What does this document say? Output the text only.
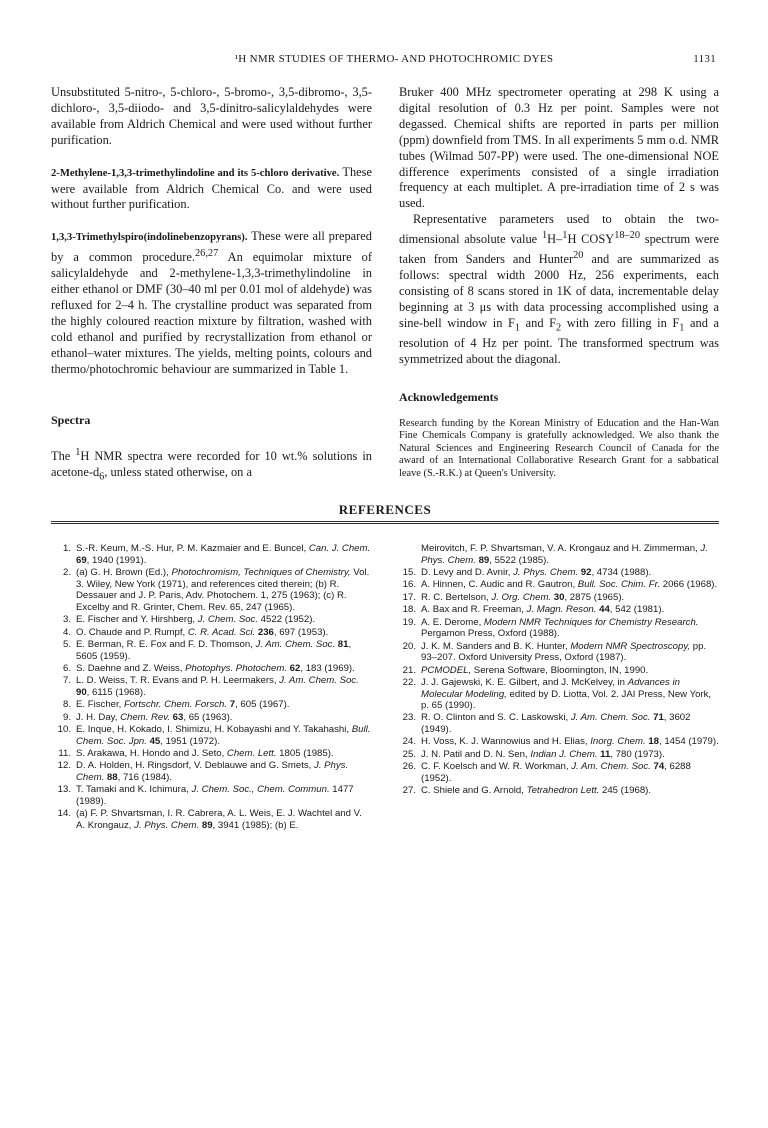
¹H NMR STUDIES OF THERMO- AND PHOTOCHROMIC DYES	1131

Unsubstituted 5-nitro-, 5-chloro-, 5-bromo-, 3,5-dibromo-, 3,5-dichloro-, 3,5-diiodo- and 3,5-dinitro-salicylaldehydes were available from Aldrich Chemical and were used without further purification.

2-Methylene-1,3,3-trimethylindoline and its 5-chloro derivative. These were available from Aldrich Chemical Co. and were used without further purification.

1,3,3-Trimethylspiro(indolinebenzopyrans). These were all prepared by a common procedure.$^{26,27}$ An equimolar mixture of salicylaldehyde and 2-methylene-1,3,3-trimethylindoline in either ethanol or DMF (30–40 ml per 0.01 mol of aldehyde) was refluxed for 2–4 h. The crystalline product was separated from the highly coloured reaction mixture by filtration, washed with cold ethanol and purified by recrystallization from ethanol or ethanol–water mixtures. The yields, melting points, colours and thermo/photochromic behaviour are summarized in Table 1.

Spectra

The $^1$H NMR spectra were recorded for 10 wt.% solutions in acetone-$d_6$, unless stated otherwise, on a

Bruker 400 MHz spectrometer operating at 298 K using a digital resolution of 0.3 Hz per point. Samples were not degassed. Chemical shifts are reported in parts per million (ppm) downfield from TMS. In all experiments 5 mm o.d. NMR tubes (Wilmad 507-PP) were used. The one-dimensional NOE difference experiments consisted of a single irradiation frequency at each multiplet. A pre-irradiation time of 2 s was used.

Representative parameters used to obtain the two-dimensional absolute value $^1$H–$^1$H COSY$^{18-20}$ spectrum were taken from Sanders and Hunter$^{20}$ and are summarized as follows: spectral width 2000 Hz, 256 experiments, each consisting of 8 scans stored in 1K of data, incrementable delay beginning at 3 μs with data processing accomplished using a sine-bell window in $F_1$ and $F_2$ with zero filling in $F_1$ and a resolution of 4 Hz per point. The transformed spectrum was symmetrized about the diagonal.

Acknowledgements

Research funding by the Korean Ministry of Education and the Han-Wan Fine Chemicals Company is gratefully acknowledged. We also thank the Natural Sciences and Engineering Research Council of Canada for the award of an International Collaborative Research Grant for a sabbatical leave (S.-R.K.) at Queen's University.

REFERENCES
1. S.-R. Keum, M.-S. Hur, P. M. Kazmaier and E. Buncel, Can. J. Chem. 69, 1940 (1991).
2. (a) G. H. Brown (Ed.), Photochromism, Techniques of Chemistry, Vol. 3. Wiley, New York (1971), and references cited therein; (b) R. Dessauer and J. P. Paris, Adv. Photochem. 1, 275 (1963); (c) R. Excelby and R. Grinter, Chem. Rev. 65, 247 (1965).
3. E. Fischer and Y. Hirshberg, J. Chem. Soc. 4522 (1952).
4. O. Chaude and P. Rumpf, C. R. Acad. Sci. 236, 697 (1953).
5. E. Berman, R. E. Fox and F. D. Thomson, J. Am. Chem. Soc. 81, 5605 (1959).
6. S. Daehne and Z. Weiss, Photophys. Photochem. 62, 183 (1969).
7. L. D. Weiss, T. R. Evans and P. H. Leermakers, J. Am. Chem. Soc. 90, 6115 (1968).
8. E. Fischer, Fortschr. Chem. Forsch. 7, 605 (1967).
9. J. H. Day, Chem. Rev. 63, 65 (1963).
10. E. Inque, H. Kokado, I. Shimizu, H. Kobayashi and Y. Takahashi, Bull. Chem. Soc. Jpn. 45, 1951 (1972).
11. S. Arakawa, H. Hondo and J. Seto, Chem. Lett. 1805 (1985).
12. D. A. Holden, H. Ringsdorf, V. Deblauwe and G. Smets, J. Phys. Chem. 88, 716 (1984).
13. T. Tamaki and K. Ichimura, J. Chem. Soc., Chem. Commun. 1477 (1989).
14. (a) F. P. Shvartsman, I. R. Cabrera, A. L. Weis, E. J. Wachtel and V. A. Krongauz, J. Phys. Chem. 89, 3941 (1985); (b) E.
Meirovitch, F. P. Shvartsman, V. A. Krongauz and H. Zimmerman, J. Phys. Chem. 89, 5522 (1985).
15. D. Levy and D. Avnir, J. Phys. Chem. 92, 4734 (1988).
16. A. Hinnen, C. Audic and R. Gautron, Bull. Soc. Chim. Fr. 2066 (1968).
17. R. C. Bertelson, J. Org. Chem. 30, 2875 (1965).
18. A. Bax and R. Freeman, J. Magn. Reson. 44, 542 (1981).
19. A. E. Derome, Modern NMR Techniques for Chemistry Research. Pergamon Press, Oxford (1988).
20. J. K. M. Sanders and B. K. Hunter, Modern NMR Spectroscopy, pp. 93–207. Oxford University Press, Oxford (1987).
21. PCMODEL, Serena Software, Bloomington, IN, 1990.
22. J. J. Gajewski, K. E. Gilbert, and J. McKelvey, in Advances in Molecular Modeling, edited by D. Liotta, Vol. 2. JAI Press, New York, p. 65 (1990).
23. R. O. Clinton and S. C. Laskowski, J. Am. Chem. Soc. 71, 3602 (1949).
24. H. Voss, K. J. Wannowius and H. Elias, Inorg. Chem. 18, 1454 (1979).
25. J. N. Patil and D. N. Sen, Indian J. Chem. 11, 780 (1973).
26. C. F. Koelsch and W. R. Workman, J. Am. Chem. Soc. 74, 6288 (1952).
27. C. Shiele and G. Arnold, Tetrahedron Lett. 245 (1968).
